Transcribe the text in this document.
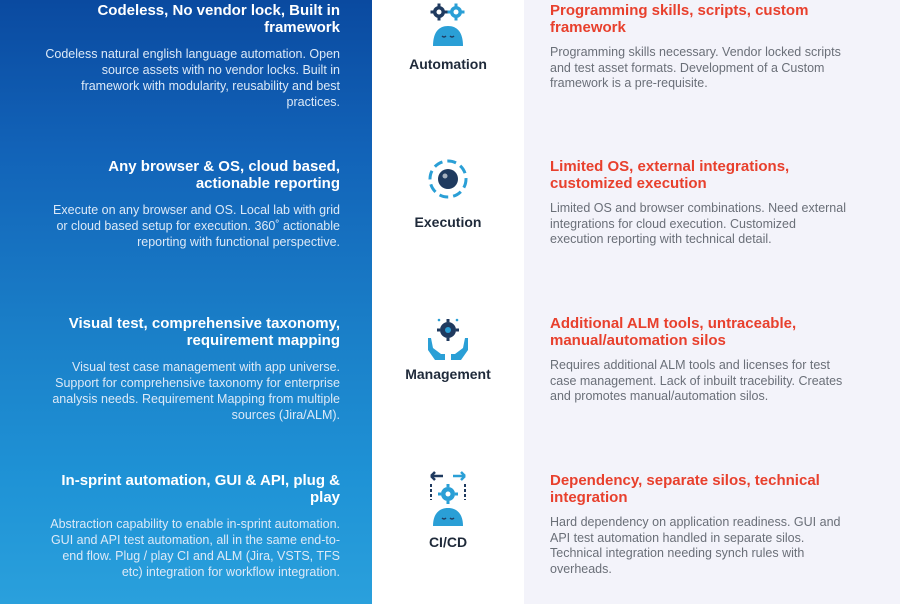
Codeless, No vendor lock, Built in framework
Codeless natural english language automation. Open source assets with no vendor locks. Built in framework with modularity, reusability and best practices.
Automation
Programming skills, scripts, custom framework
Programming skills necessary. Vendor locked scripts and test asset formats. Development of a Custom framework is a pre-requisite.
Any browser & OS, cloud based, actionable reporting
Execute on any browser and OS. Local lab with grid or cloud based setup for execution. 360˚ actionable reporting with functional perspective.
Execution
Limited OS, external integrations, customized execution
Limited OS and browser combinations. Need external integrations for cloud execution. Customized execution reporting with technical detail.
Visual test, comprehensive taxonomy, requirement mapping
Visual test case management with app universe. Support for comprehensive taxonomy for enterprise analysis needs. Requirement Mapping from multiple sources (Jira/ALM).
Management
Additional ALM tools, untraceable, manual/automation silos
Requires additional ALM tools and licenses for test case management. Lack of inbuilt tracebility. Creates and promotes manual/automation silos.
In-sprint automation, GUI & API, plug & play
Abstraction capability to enable in-sprint automation. GUI and API test automation, all in the same end-to-end flow. Plug / play CI and ALM (Jira, VSTS, TFS etc) integration for workflow integration.
CI/CD
Dependency, separate silos, technical integration
Hard dependency on application readiness. GUI and API test automation handled in separate silos. Technical integration needing synch rules with overheads.
